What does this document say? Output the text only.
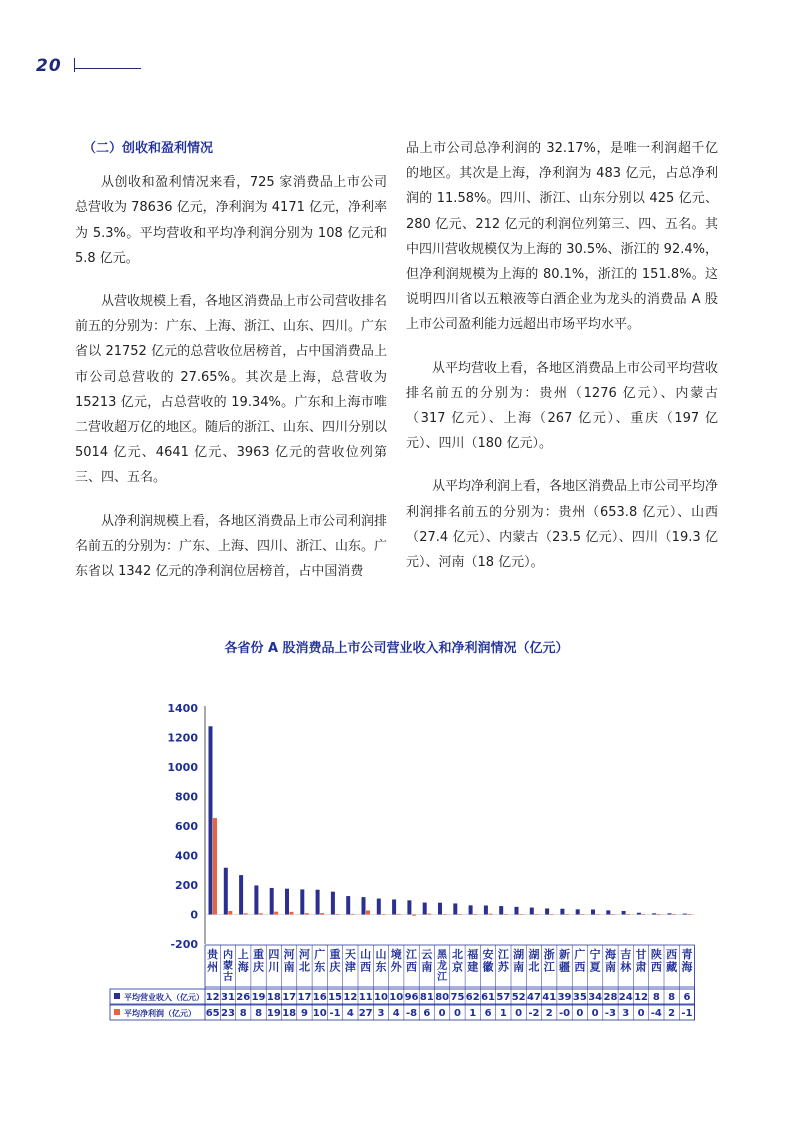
20
（二）创收和盈利情况

从创收和盈利情况来看，725 家消费品上市公司总营收为 78636 亿元，净利润为 4171 亿元，净利率为 5.3%。平均营收和平均净利润分别为 108 亿元和 5.8 亿元。

从营收规模上看，各地区消费品上市公司营收排名前五的分别为：广东、上海、浙江、山东、四川。广东省以 21752 亿元的总营收位居榜首，占中国消费品上市公司总营收的 27.65%。其次是上海，总营收为 15213 亿元，占总营收的 19.34%。广东和上海市唯二营收超万亿的地区。随后的浙江、山东、四川分别以 5014 亿元、4641 亿元、3963 亿元的营收位列第三、四、五名。

从净利润规模上看，各地区消费品上市公司利润排名前五的分别为：广东、上海、四川、浙江、山东。广东省以 1342 亿元的净利润位居榜首，占中国消费

品上市公司总净利润的 32.17%，是唯一利润超千亿的地区。其次是上海，净利润为 483 亿元，占总净利润的 11.58%。四川、浙江、山东分别以 425 亿元、280 亿元、212 亿元的利润位列第三、四、五名。其中四川营收规模仅为上海的 30.5%、浙江的 92.4%，但净利润规模为上海的 80.1%，浙江的 151.8%。这说明四川省以五粮液等白酒企业为龙头的消费品 A 股上市公司盈利能力远超出市场平均水平。

从平均营收上看，各地区消费品上市公司平均营收排名前五的分别为：贵州（1276 亿元）、内蒙古（317 亿元）、上海（267 亿元）、重庆（197 亿元）、四川（180 亿元）。

从平均净利润上看，各地区消费品上市公司平均净利润排名前五的分别为：贵州（653.8 亿元）、山西（27.4 亿元）、内蒙古（23.5 亿元）、四川（19.3 亿元）、河南（18 亿元）。

各省份 A 股消费品上市公司营业收入和净利润情况（亿元）
1400
1200
1000
800
600
400
200
0
-200
贵
州
内
蒙
古
上
海
重
庆
四
川
河
南
河
北
广
东
重
庆
天
津
山
西
山
东
境
外
江
西
云
南
黑
龙
江
北
京
福
建
安
徽
江
苏
湖
南
湖
北
浙
江
新
疆
广
西
宁
夏
海
南
吉
林
甘
肃
陕
西
西
藏
青
海
平均营业收入（亿元）
平均净利润（亿元）
12 31 26 19 18 17 17 16 15 12 11 10 10 96 81 80 75 62 61 57 52 47 41 39 35 34 28 24 12 8 8 6
65 23 8 8 19 18 9 10 -1 4 27 3 4 -8 6 0 0 1 6 1 0 -2 2 -0 0 0 -3 3 0 -4 2 -1
